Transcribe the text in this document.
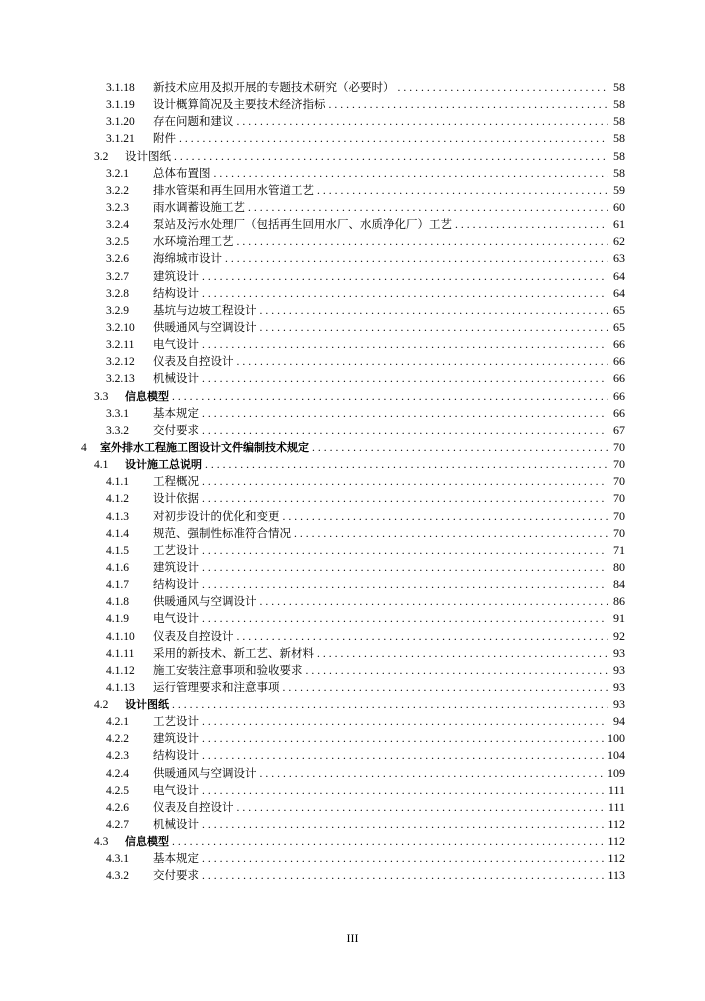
3.1.18	新技术应用及拟开展的专题技术研究（必要时） .....	58
3.1.19	设计概算简况及主要技术经济指标 .....	58
3.1.20	存在问题和建议 .....	58
3.1.21	附件 .....	58
3.2	设计图纸 .....	58
3.2.1	总体布置图 .....	58
3.2.2	排水管渠和再生回用水管道工艺 .....	59
3.2.3	雨水调蓄设施工艺 .....	60
3.2.4	泵站及污水处理厂（包括再生回用水厂、水质净化厂）工艺 .....	61
3.2.5	水环境治理工艺 .....	62
3.2.6	海绵城市设计 .....	63
3.2.7	建筑设计 .....	64
3.2.8	结构设计 .....	64
3.2.9	基坑与边坡工程设计 .....	65
3.2.10	供暖通风与空调设计 .....	65
3.2.11	电气设计 .....	66
3.2.12	仪表及自控设计 .....	66
3.2.13	机械设计 .....	66
3.3	信息模型 .....	66
3.3.1	基本规定 .....	66
3.3.2	交付要求 .....	67
4	室外排水工程施工图设计文件编制技术规定 .....	70
4.1	设计施工总说明 .....	70
4.1.1	工程概况 .....	70
4.1.2	设计依据 .....	70
4.1.3	对初步设计的优化和变更 .....	70
4.1.4	规范、强制性标准符合情况 .....	70
4.1.5	工艺设计 .....	71
4.1.6	建筑设计 .....	80
4.1.7	结构设计 .....	84
4.1.8	供暖通风与空调设计 .....	86
4.1.9	电气设计 .....	91
4.1.10	仪表及自控设计 .....	92
4.1.11	采用的新技术、新工艺、新材料 .....	93
4.1.12	施工安装注意事项和验收要求 .....	93
4.1.13	运行管理要求和注意事项 .....	93
4.2	设计图纸 .....	93
4.2.1	工艺设计 .....	94
4.2.2	建筑设计 .....	100
4.2.3	结构设计 .....	104
4.2.4	供暖通风与空调设计 .....	109
4.2.5	电气设计 .....	111
4.2.6	仪表及自控设计 .....	111
4.2.7	机械设计 .....	112
4.3	信息模型 .....	112
4.3.1	基本规定 .....	112
4.3.2	交付要求 .....	113
III
